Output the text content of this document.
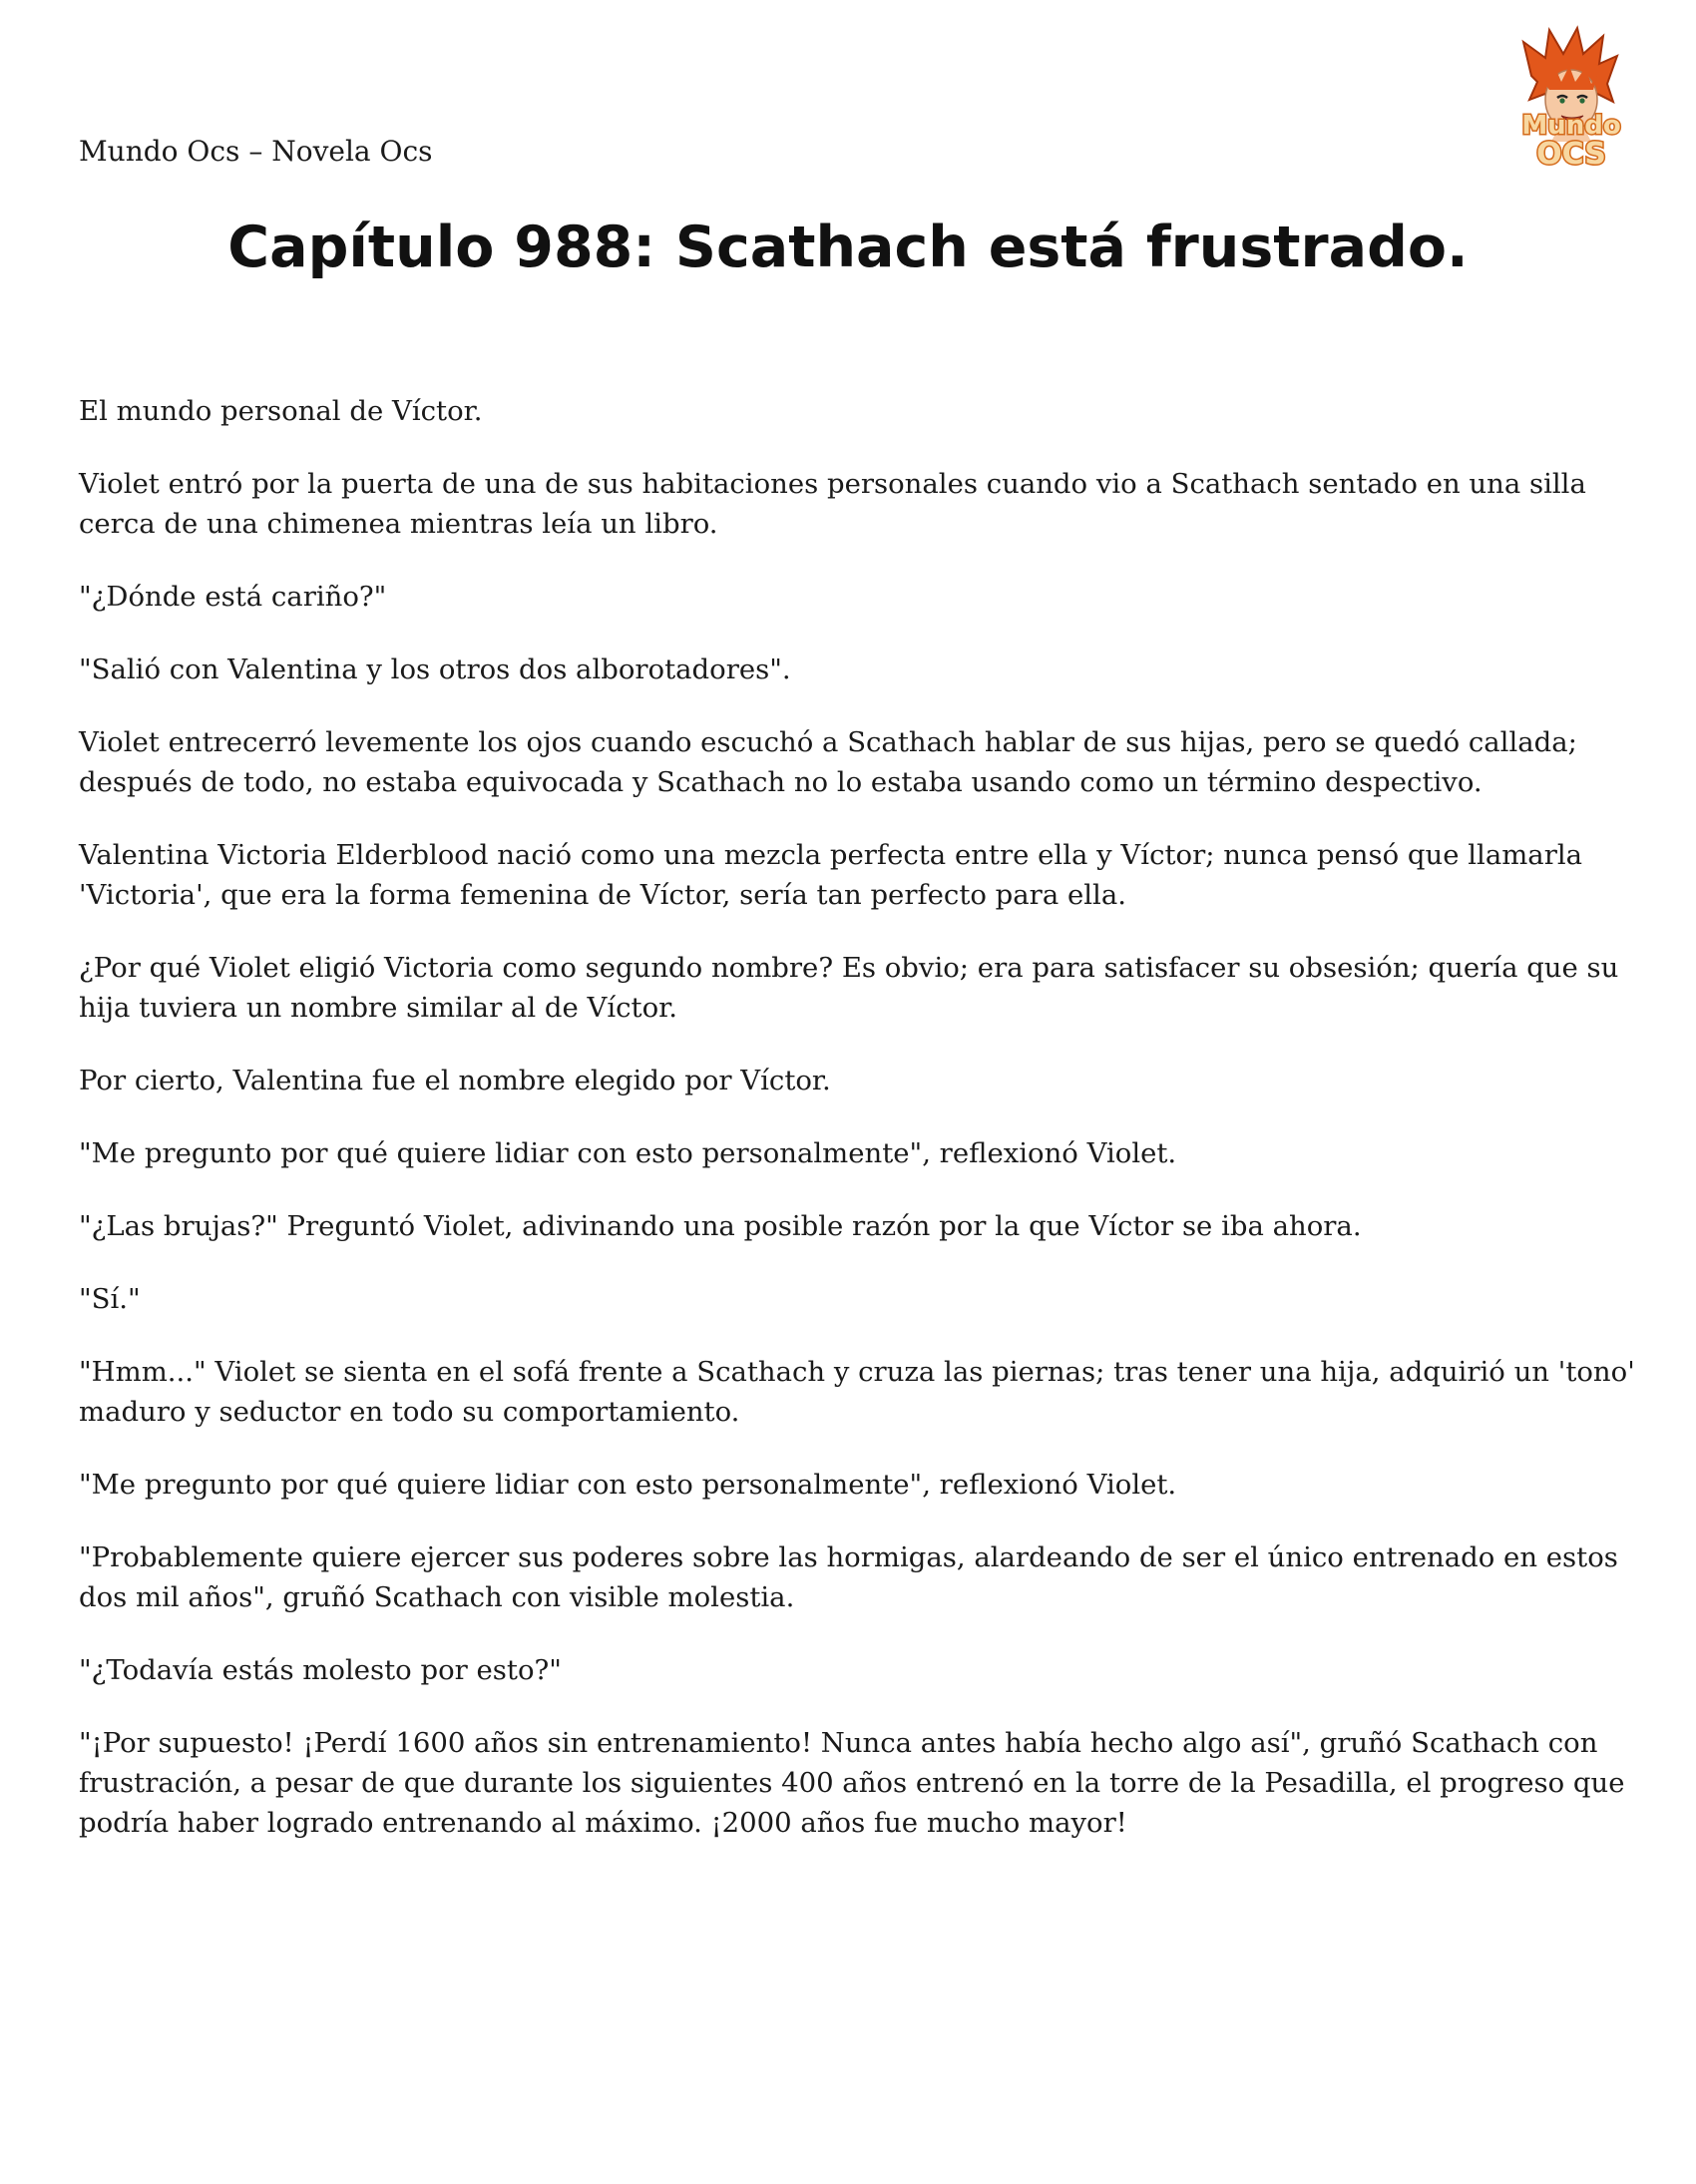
Mundo Ocs – Novela Ocs
Mundo
OCS
Capítulo 988: Scathach está frustrado.

El mundo personal de Víctor.

Violet entró por la puerta de una de sus habitaciones personales cuando vio a Scathach sentado en una silla cerca de una chimenea mientras leía un libro.

"¿Dónde está cariño?"

"Salió con Valentina y los otros dos alborotadores".

Violet entrecerró levemente los ojos cuando escuchó a Scathach hablar de sus hijas, pero se quedó callada; después de todo, no estaba equivocada y Scathach no lo estaba usando como un término despectivo.

Valentina Victoria Elderblood nació como una mezcla perfecta entre ella y Víctor; nunca pensó que llamarla 'Victoria', que era la forma femenina de Víctor, sería tan perfecto para ella.

¿Por qué Violet eligió Victoria como segundo nombre? Es obvio; era para satisfacer su obsesión; quería que su hija tuviera un nombre similar al de Víctor.

Por cierto, Valentina fue el nombre elegido por Víctor.

"Me pregunto por qué quiere lidiar con esto personalmente", reflexionó Violet.

"¿Las brujas?" Preguntó Violet, adivinando una posible razón por la que Víctor se iba ahora.

"Sí."

"Hmm..." Violet se sienta en el sofá frente a Scathach y cruza las piernas; tras tener una hija, adquirió un 'tono' maduro y seductor en todo su comportamiento.

"Me pregunto por qué quiere lidiar con esto personalmente", reflexionó Violet.

"Probablemente quiere ejercer sus poderes sobre las hormigas, alardeando de ser el único entrenado en estos dos mil años", gruñó Scathach con visible molestia.

"¿Todavía estás molesto por esto?"

"¡Por supuesto! ¡Perdí 1600 años sin entrenamiento! Nunca antes había hecho algo así", gruñó Scathach con frustración, a pesar de que durante los siguientes 400 años entrenó en la torre de la Pesadilla, el progreso que podría haber logrado entrenando al máximo. ¡2000 años fue mucho mayor!
